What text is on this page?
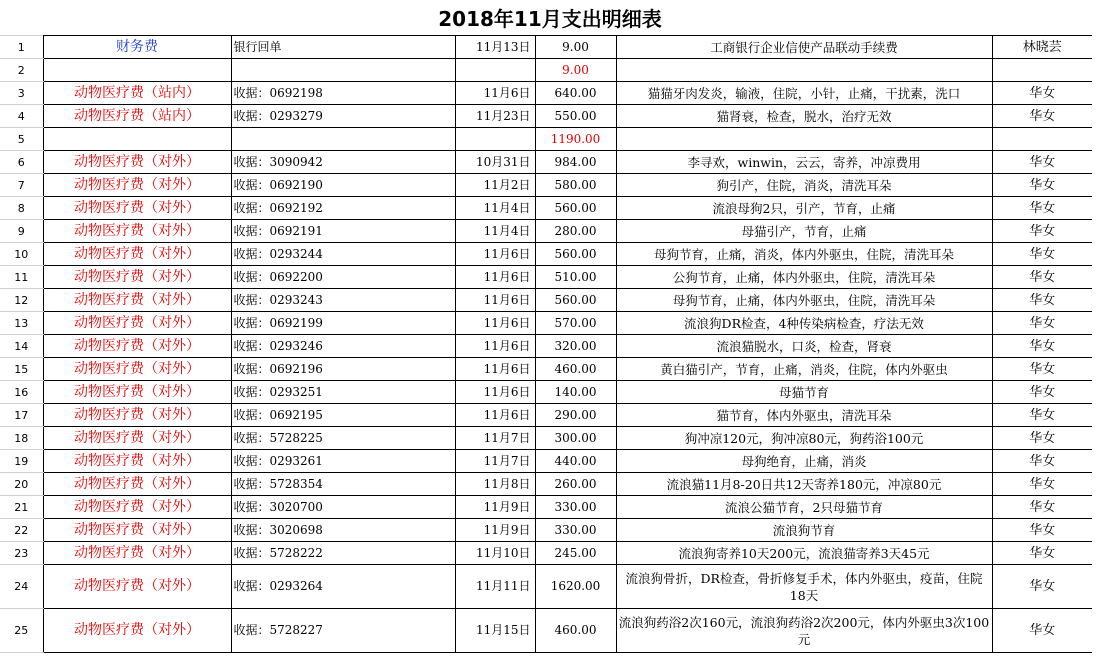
2018年11月支出明细表
1	财务费	银行回单	11月13日	9.00	工商银行企业信使产品联动手续费	林晓芸
2				9.00		
3	动物医疗费（站内）	收据：0692198	11月6日	640.00	猫猫牙肉发炎，输液，住院，小针，止痛，干扰素，洗口	华女
4	动物医疗费（站内）	收据：0293279	11月23日	550.00	猫肾衰，检查，脱水，治疗无效	华女
5				1190.00		
6	动物医疗费（对外）	收据：3090942	10月31日	984.00	李寻欢，winwin，云云，寄养，冲凉费用	华女
7	动物医疗费（对外）	收据：0692190	11月2日	580.00	狗引产，住院，消炎，清洗耳朵	华女
8	动物医疗费（对外）	收据：0692192	11月4日	560.00	流浪母狗2只，引产，节育，止痛	华女
9	动物医疗费（对外）	收据：0692191	11月4日	280.00	母猫引产，节育，止痛	华女
10	动物医疗费（对外）	收据：0293244	11月6日	560.00	母狗节育，止痛，消炎，体内外驱虫，住院，清洗耳朵	华女
11	动物医疗费（对外）	收据：0692200	11月6日	510.00	公狗节育，止痛，体内外驱虫，住院，清洗耳朵	华女
12	动物医疗费（对外）	收据：0293243	11月6日	560.00	母狗节育，止痛，体内外驱虫，住院，清洗耳朵	华女
13	动物医疗费（对外）	收据：0692199	11月6日	570.00	流浪狗DR检查，4种传染病检查，疗法无效	华女
14	动物医疗费（对外）	收据：0293246	11月6日	320.00	流浪猫脱水，口炎，检查，肾衰	华女
15	动物医疗费（对外）	收据：0692196	11月6日	460.00	黄白猫引产，节育，止痛，消炎，住院，体内外驱虫	华女
16	动物医疗费（对外）	收据：0293251	11月6日	140.00	母猫节育	华女
17	动物医疗费（对外）	收据：0692195	11月6日	290.00	猫节育，体内外驱虫，清洗耳朵	华女
18	动物医疗费（对外）	收据：5728225	11月7日	300.00	狗冲凉120元，狗冲凉80元，狗药浴100元	华女
19	动物医疗费（对外）	收据：0293261	11月7日	440.00	母狗绝育，止痛，消炎	华女
20	动物医疗费（对外）	收据：5728354	11月8日	260.00	流浪猫11月8-20日共12天寄养180元，冲凉80元	华女
21	动物医疗费（对外）	收据：3020700	11月9日	330.00	流浪公猫节育，2只母猫节育	华女
22	动物医疗费（对外）	收据：3020698	11月9日	330.00	流浪狗节育	华女
23	动物医疗费（对外）	收据：5728222	11月10日	245.00	流浪狗寄养10天200元，流浪猫寄养3天45元	华女
24	动物医疗费（对外）	收据：0293264	11月11日	1620.00	流浪狗骨折，DR检查，骨折修复手术，体内外驱虫，疫苗，住院18天	华女
25	动物医疗费（对外）	收据：5728227	11月15日	460.00	流浪狗药浴2次160元，流浪狗药浴2次200元，体内外驱虫3次100元	华女
